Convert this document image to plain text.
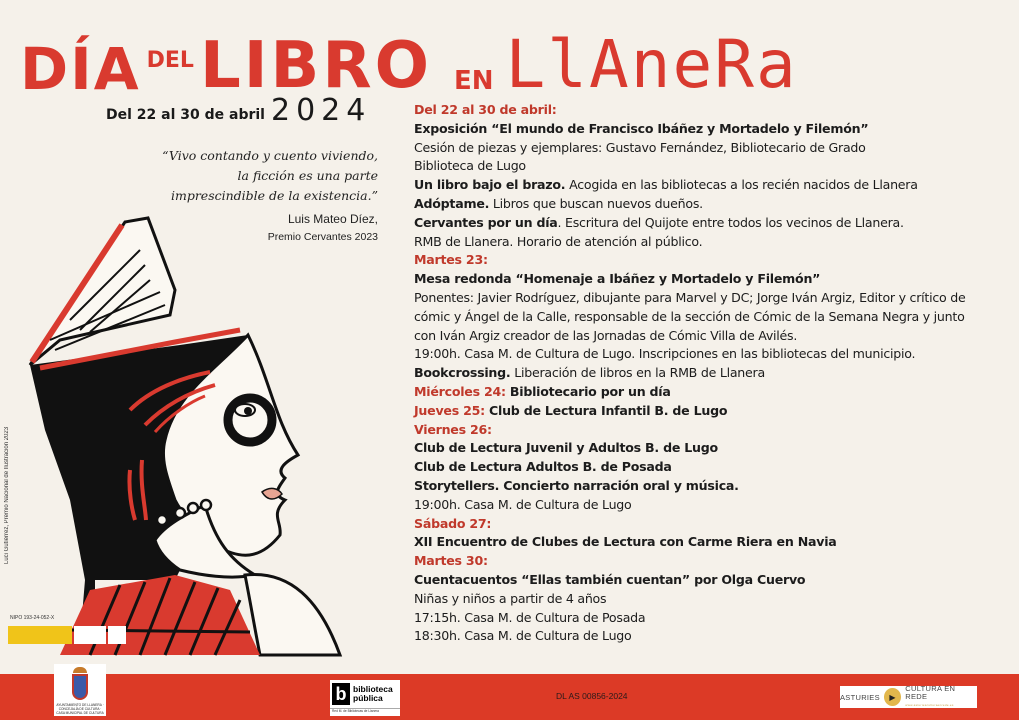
DÍA DEL LIBRO EN LlAneRa
Del 22 al 30 de abril 2024
“Vivo contando y cuento viviendo, la ficción es una parte imprescindible de la existencia.”
Luis Mateo Díez,
Premio Cervantes 2023
Luci Gutiérrez, Premio Nacional de Ilustración 2023
NIPO 193-24-052-X
Del 22 al 30 de abril:
Exposición “El mundo de Francisco Ibáñez y Mortadelo y Filemón”
Cesión de piezas y ejemplares: Gustavo Fernández, Bibliotecario de Grado
Biblioteca de Lugo
Un libro bajo el brazo. Acogida en las bibliotecas a los recién nacidos de Llanera
Adóptame. Libros que buscan nuevos dueños.
Cervantes por un día. Escritura del Quijote entre todos los vecinos de Llanera.
RMB de Llanera. Horario de atención al público.
Martes 23:
Mesa redonda “Homenaje a Ibáñez y Mortadelo y Filemón”
Ponentes: Javier Rodríguez, dibujante para Marvel y DC; Jorge Iván Argiz, Editor y crítico de
cómic y Ángel de la Calle, responsable de la sección de Cómic de la Semana Negra y junto
con Iván Argiz creador de las Jornadas de Cómic Villa de Avilés.
19:00h. Casa M. de Cultura de Lugo. Inscripciones en las bibliotecas del municipio.
Bookcrossing. Liberación de libros en la RMB de Llanera
Miércoles 24: Bibliotecario por un día
Jueves 25: Club de Lectura Infantil B. de Lugo
Viernes 26:
Club de Lectura Juvenil y Adultos B. de Lugo
Club de Lectura Adultos B. de Posada
Storytellers. Concierto narración oral y música.
19:00h. Casa M. de Cultura de Lugo
Sábado 27:
XII Encuentro de Clubes de Lectura con Carme Riera en Navia
Martes 30:
Cuentacuentos “Ellas también cuentan” por Olga Cuervo
Niñas y niños a partir de 4 años
17:15h. Casa M. de Cultura de Posada
18:30h. Casa M. de Cultura de Lugo
AYUNTAMIENTO DE LLANERA · CONCEJALÍA DE CULTURA · CASA MUNICIPAL DE CULTURA
b biblioteca
pública
Red M. de Bibliotecas de Llanera
DL AS 00856-2024	ASTURIES	▶
CULTURA EN REDE
www.asturiesculturaenrede.es
